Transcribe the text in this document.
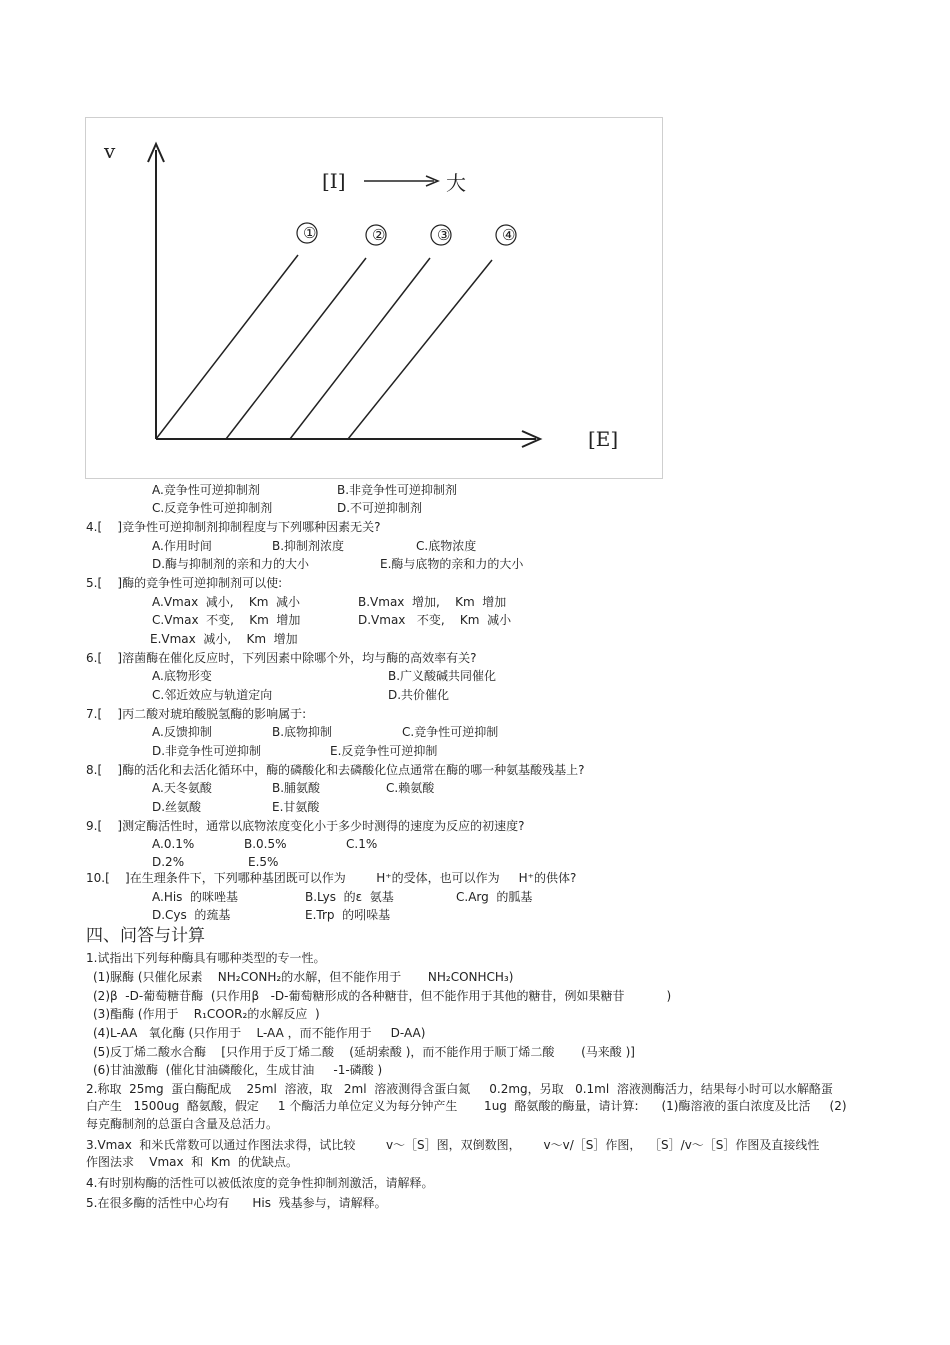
v
[E]
[I]	大
①	②	③	④
A.竞争性可逆抑制剂	B.非竞争性可逆抑制剂
C.反竞争性可逆抑制剂	D.不可逆抑制剂
4.[    ]竞争性可逆抑制剂抑制程度与下列哪种因素无关?
A.作用时间	B.抑制剂浓度	C.底物浓度
D.酶与抑制剂的亲和力的大小	E.酶与底物的亲和力的大小
5.[    ]酶的竞争性可逆抑制剂可以使:
A.Vmax  减小,    Km  减小	B.Vmax  增加,    Km  增加
C.Vmax  不变,    Km  增加	D.Vmax   不变,    Km  减小
E.Vmax  减小,    Km  增加
6.[    ]溶菌酶在催化反应时，下列因素中除哪个外，均与酶的高效率有关?
A.底物形变	B.广义酸碱共同催化
C.邻近效应与轨道定向	D.共价催化
7.[    ]丙二酸对琥珀酸脱氢酶的影响属于:
A.反馈抑制	B.底物抑制	C.竞争性可逆抑制
D.非竞争性可逆抑制	E.反竞争性可逆抑制
8.[    ]酶的活化和去活化循环中，酶的磷酸化和去磷酸化位点通常在酶的哪一种氨基酸残基上?
A.天冬氨酸	B.脯氨酸	C.赖氨酸
D.丝氨酸	E.甘氨酸
9.[    ]测定酶活性时，通常以底物浓度变化小于多少时测得的速度为反应的初速度?
A.0.1%	B.0.5%	C.1%
D.2%	E.5%
10.[    ]在生理条件下，下列哪种基团既可以作为        H⁺的受体，也可以作为     H⁺的供体?
A.His  的咪唑基	B.Lys  的ε  氨基	C.Arg  的胍基
D.Cys  的巯基	E.Trp  的吲哚基
1.试指出下列每种酶具有哪种类型的专一性。
(1)脲酶 (只催化尿素    NH₂CONH₂的水解，但不能作用于       NH₂CONHCH₃)
(2)β  -D-葡萄糖苷酶  (只作用β   -D-葡萄糖形成的各种糖苷，但不能作用于其他的糖苷，例如果糖苷           )
(3)酯酶 (作用于    R₁COOR₂的水解反应  )
(4)L-AA   氧化酶 (只作用于    L-AA ，而不能作用于     D-AA)
(5)反丁烯二酸水合酶    [只作用于反丁烯二酸    (延胡索酸 )，而不能作用于顺丁烯二酸       (马来酸 )]
(6)甘油激酶  (催化甘油磷酸化，生成甘油     -1-磷酸 )
2.称取  25mg  蛋白酶配成    25ml  溶液，取   2ml  溶液测得含蛋白氮     0.2mg，另取   0.1ml  溶液测酶活力，结果每小时可以水解酪蛋
白产生   1500ug  酪氨酸，假定     1 个酶活力单位定义为每分钟产生       1ug  酪氨酸的酶量，请计算:      (1)酶溶液的蛋白浓度及比活     (2)
每克酶制剂的总蛋白含量及总活力。
3.Vmax  和米氏常数可以通过作图法求得，试比较        v～［S］图，双倒数图，      v～v/［S］作图，  ［S］/v～［S］作图及直接线性
作图法求    Vmax  和  Km  的优缺点。
4.有时别构酶的活性可以被低浓度的竞争性抑制剂激活，请解释。
5.在很多酶的活性中心均有      His  残基参与，请解释。
四、问答与计算
